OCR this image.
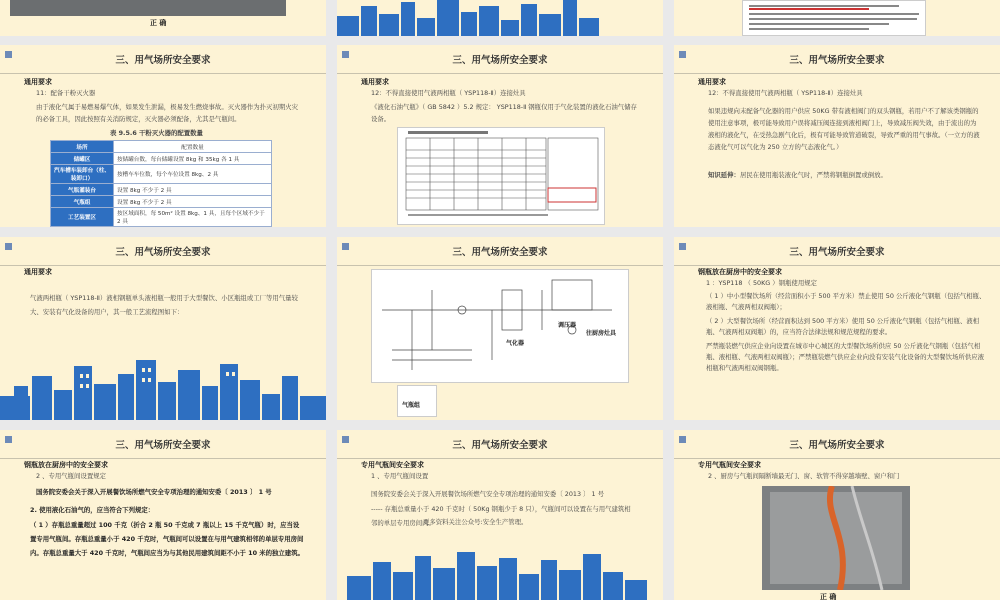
正 确
三、用气场所安全要求
通用要求
11：配备干粉灭火器
由于液化气属于易燃易爆气体，如果发生泄漏，极易发生燃烧事故。灭火器作为扑灭初期火灾的必备工具，因此按照有关消防规定，灭火器必须配备，尤其是气瓶间。
表 9.5.6 干粉灭火器的配置数量
场所	配置数量
储罐区	按储罐台数，每台储罐设置 8kg 和 35kg 各 1 具
汽车槽车装卸台（柱、装卸口）	按槽车车位数，每个车位设置 8kg、2 具
气瓶灌装台	设置 8kg 不少于 2 具
气瓶组	设置 8kg 不少于 2 具
工艺装置区	按区域面积，每 50m² 设置 8kg、1 具，且每个区域不少于 2 具
三、用气场所安全要求
通用要求
12：不得直接使用气液两相瓶（ YSP118-Ⅱ）连接灶具
《液化石油气瓶》（ GB 5842 ）5.2 规定： YSP118-Ⅱ 钢瓶仅用于气化装置的液化石油气储存设备。
三、用气场所安全要求
通用要求
12：不得直接使用气液两相瓶（ YSP118-Ⅱ）连接灶具
如果违规向末配备气化器的用户供应 50KG 带有液相阀门的双头钢瓶，若用户不了解该类钢瓶的使用注意事项，极可能导致用户误将减压阀连接到液相阀门上，导致减压阀失效，由于流出的为液相的液化气，在受热急剧气化后，极有可能导致管道破裂，导致严重的用气事故。（一立方的液态液化气可以气化为 250 立方的气态液化气。）
知识延伸：居民在使用瓶装液化气时，严禁将钢瓶倒置或倒放。
三、用气场所安全要求
通用要求
气液两相瓶（ YSP118-Ⅱ）液相钢瓶单头液相瓶一般用于大型餐饮、小区瓶组或工厂等用气量较大、安装有气化设备的用户，其一般工艺流程图如下：
三、用气场所安全要求
调压器
气化器
往厨房灶具
气瓶组
三、用气场所安全要求
钢瓶放在厨房中的安全要求
1 ：YSP118 （ 50KG ）钢瓶使用规定
（ 1 ）中小型餐饮场所（经营面积小于 500 平方米）禁止使用 50 公斤液化气钢瓶（包括气相瓶、液相瓶、气液两相双阀瓶）；
（ 2 ）大型餐饮场所（经营面积达到 500 平方米）使用 50 公斤液化气钢瓶（包括气相瓶、液相瓶、气液两相双阀瓶）的，应当符合法律法规和规范规程的要求。
严禁瓶装燃气供应企业向设置在城市中心城区的大型餐饮场所供应 50 公斤液化气钢瓶（包括气相瓶、液相瓶、气液两相双阀瓶）；严禁瓶装燃气供应企业向没有安装气化设备的大型餐饮场所供应液相瓶和气液两相双阀钢瓶。
三、用气场所安全要求
钢瓶放在厨房中的安全要求
2 、专用气瓶间设置规定
国务院安委会关于深入开展餐饮场所燃气安全专项治理的通知安委〔 2013 〕 1 号
2. 使用液化石油气的，应当符合下列规定：
（ 1 ）存瓶总重量超过 100 千克（折合 2 瓶 50 千克或 7 瓶以上 15 千克气瓶）时，应当设置专用气瓶间。存瓶总重量小于 420 千克时，气瓶间可以设置在与用气建筑相邻的单层专用房间内。存瓶总重量大于 420 千克时，气瓶间应当为与其他民用建筑间距不小于 10 米的独立建筑。
三、用气场所安全要求
专用气瓶间安全要求
1 、专用气瓶间设置
国务院安委会关于深入开展餐饮场所燃气安全专项治理的通知安委〔 2013 〕 1 号
----- 存瓶总重量小于 420 千克时（ 50Kg 钢瓶少于 8 只），气瓶间可以设置在与用气建筑相邻的单层专用房间内。
更多资料关注公众号:安全生产管理。
三、用气场所安全要求
专用气瓶间安全要求
2 、厨房与气瓶间隔断墙最无门、窗、软管不得穿越墙壁、窗户和门
正 确
